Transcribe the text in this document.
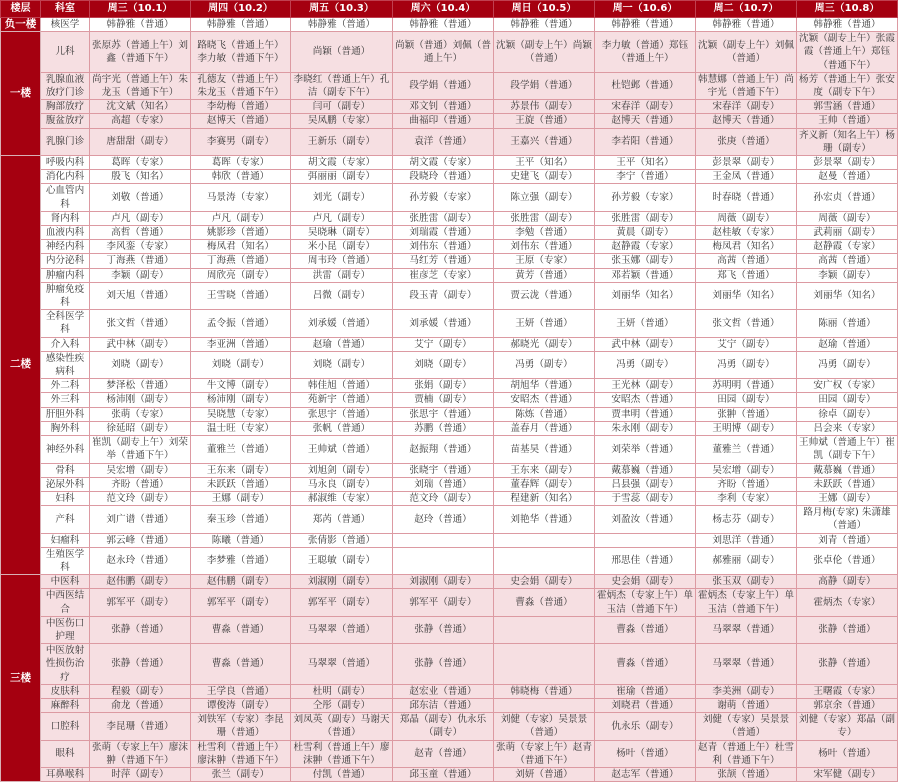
楼层	科室	周三（10.1）	周四（10.2）	周五（10.3）	周六（10.4）	周日（10.5）	周一（10.6）	周二（10.7）	周三（10.8）
负一楼	核医学	韩静雅（普通）	韩静雅（普通）	韩静雅（普通）	韩静雅（普通）	韩静雅（普通）	韩静雅（普通）	韩静雅（普通）	韩静雅（普通）
一楼	儿科	张原苏（普通上午）刘鑫（普通下午）	路晓飞（普通上午）李力敏（普通下午）	尚颖（普通）	尚颖（普通）刘佩（普通上午）	沈颖（副专上午）尚颖（普通）	李力敏（普通）郑钰（普通上午）	沈颖（副专上午）刘佩（普通）	沈颖（副专上午）张霞霞（普通上午）郑钰（普通下午）
	乳腺血液放疗门诊	尚宇光（普通上午）朱龙玉（普通下午）	孔德友（普通上午）朱龙玉（普通下午）	李晓红（普通上午）孔洁（副专下午）	段学娟（普通）	段学娟（普通）	杜铠邺（普通）	韩慧娜（普通上午）尚宇光（普通下午）	杨芳（普通上午）张安度（副专下午）
	胸部放疗	沈文斌（知名）	李幼梅（普通）	闫可（副专）	邓文钊（普通）	苏景伟（副专）	宋春洋（副专）	宋春洋（副专）	郭雪涵（普通）
	腹盆放疗	高超（专家）	赵博天（普通）	吴凤鹏（专家）	曲福印（普通）	王旋（普通）	赵博天（普通）	赵博天（普通）	王帅（普通）
	乳腺门诊	唐甜甜（副专）	李赛男（副专）	王新乐（副专）	袁洋（普通）	王嘉兴（普通）	李若阳（普通）	张庚（普通）	齐义新（知名上午）杨珊（副专）
二楼	呼吸内科	葛晖（专家）	葛晖（专家）	胡文霞（专家）	胡文霞（专家）	王平（知名）	王平（知名）	彭景翠（副专）	彭景翠（副专）
	消化内科	殷飞（知名）	韩欣（普通）	弭丽丽（副专）	段晓玲（普通）	史建飞（副专）	李宁（普通）	王金凤（普通）	赵曼（普通）
	心血管内科	刘敬（普通）	马景涛（专家）	刘光（副专）	孙芳毅（专家）	陈立强（副专）	孙芳毅（专家）	时春晓（普通）	孙宏贞（普通）
	肾内科	卢凡（副专）	卢凡（副专）	卢凡（副专）	张胜雷（副专）	张胜雷（副专）	张胜雷（副专）	周薇（副专）	周薇（副专）
	血液内科	高哲（普通）	姚影珍（普通）	吴晓琳（副专）	刘瑞霞（普通）	李勉（普通）	黄晨（副专）	赵桂敏（专家）	武莉丽（副专）
	神经内科	李风銮（专家）	梅凤君（知名）	米小昆（副专）	刘伟东（普通）	刘伟东（普通）	赵静霞（专家）	梅凤君（知名）	赵静霞（专家）
	内分泌科	丁海燕（普通）	丁海燕（普通）	周韦玲（普通）	马红芳（普通）	王原（专家）	张玉娜（副专）	高茜（普通）	高茜（普通）
	肿瘤内科	李颖（副专）	周欣亮（副专）	洪雷（副专）	崔彦芝（专家）	黄芳（普通）	邓若颖（普通）	郑飞（普通）	李颖（副专）
	肿瘤免疫科	刘天旭（普通）	王雪晓（普通）	吕微（副专）	段玉青（副专）	贾云泷（普通）	刘丽华（知名）	刘丽华（知名）	刘丽华（知名）
	全科医学科	张文哲（普通）	孟令振（普通）	刘承媛（普通）	刘承媛（普通）	王妍（普通）	王妍（普通）	张文哲（普通）	陈丽（普通）
	介入科	武中林（副专）	李亚洲（普通）	赵瑜（普通）	艾宁（副专）	郝晓光（副专）	武中林（副专）	艾宁（副专）	赵瑜（普通）
	感染性疾病科	刘晓（副专）	刘晓（副专）	刘晓（副专）	刘晓（副专）	冯勇（副专）	冯勇（副专）	冯勇（副专）	冯勇（副专）
	外二科	梦泽松（普通）	牛文博（副专）	韩佳旭（普通）	张娟（副专）	胡旭华（普通）	王光林（副专）	苏明明（普通）	安广权（专家）
	外三科	杨沛刚（副专）	杨沛刚（副专）	苑新宇（普通）	贾楠（副专）	安昭杰（普通）	安昭杰（普通）	田园（副专）	田园（副专）
	肝胆外科	张萌（专家）	吴晓慧（专家）	张思宇（普通）	张思宇（普通）	陈炼（普通）	贾聿明（普通）	张翀（普通）	徐卓（副专）
	胸外科	徐延昭（副专）	温士旺（专家）	张帆（普通）	苏鹏（普通）	盖春月（普通）	朱永刚（副专）	王明博（副专）	吕会来（专家）
	神经外科	崔凯（副专上午）刘荣举（普通下午）	董雅兰（普通）	王帅斌（普通）	赵振翔（普通）	苗基昊（普通）	刘荣举（普通）	董雅兰（普通）	王帅斌（普通上午）崔凯（副专下午）
	骨科	吴宏增（副专）	王东来（副专）	刘旭剑（副专）	张晓宇（普通）	王东来（副专）	戴慕巍（普通）	吴宏增（副专）	戴慕巍（普通）
	泌尿外科	齐盼（普通）	未跃跃（普通）	马永良（副专）	刘瑞（普通）	董春辉（副专）	吕县强（副专）	齐盼（普通）	未跃跃（普通）
	妇科	范文玲（副专）	王娜（副专）	郝淑维（专家）	范文玲（副专）	程建新（知名）	于雪蕊（副专）	李利（专家）	王娜（副专）
	产科	刘广谱（普通）	秦玉珍（普通）	郑芮（普通）	赵玲（普通）	刘艳华（普通）	刘盈汝（普通）	杨志芬（副专）	路月梅(专家) 朱潇雄（普通）
	妇瘤科	郭云峰（普通）	陈曦（普通）	张倩影（普通）				刘思洋（普通）	刘青（普通）
	生殖医学科	赵永玲（普通）	李梦雅（普通）	王聪敏（副专）			邢思佳（普通）	郝雅丽（副专）	张卓伦（普通）
三楼	中医科	赵伟鹏（副专）	赵伟鹏（副专）	刘淑刚（副专）	刘淑刚（副专）	史会娟（副专）	史会娟（副专）	张玉双（副专）	高静（副专）
	中西医结合	郭军平（副专）	郭军平（副专）	郭军平（副专）	郭军平（副专）	曹淼（普通）	霍炳杰（专家上午）单玉洁（普通下午）	霍炳杰（专家上午）单玉洁（普通下午）	霍炳杰（专家）
	中医伤口护理	张静（普通）	曹淼（普通）	马翠翠（普通）	张静（普通）		曹淼（普通）	马翠翠（普通）	张静（普通）
	中医放射性损伤治疗	张静（普通）	曹淼（普通）	马翠翠（普通）	张静（普通）		曹淼（普通）	马翠翠（普通）	张静（普通）
	皮肤科	程毅（副专）	王学良（普通）	杜明（副专）	赵宏业（普通）	韩晓梅（普通）	崔瑜（普通）	李美洲（副专）	王曙霞（专家）
	麻醉科	俞龙（普通）	谭俊涛（副专）	仝彤（副专）	邱东洁（普通）		刘晓君（普通）	谢萌（普通）	郭京余（普通）
	口腔科	李昆珊（普通）	刘铁军（专家）李昆珊（普通）	刘凤英（副专）马谢天（普通）	郑晶（副专）仇永乐（副专）	刘健（专家）吴景景（普通）	仇永乐（副专）	刘健（专家）吴景景（普通）	刘健（专家）郑晶（副专）
	眼科	张萌（专家上午）廖沫翀（普通下午）	杜雪利（普通上午）廖沫翀（普通下午）	杜雪利（普通上午）廖沫翀（普通下午）	赵青（普通）	张萌（专家上午）赵青（普通下午）	杨叶（普通）	赵青（普通上午）杜雪利（普通下午）	杨叶（普通）
	耳鼻喉科	时萍（副专）	张兰（副专）	付凯（普通）	邱玉童（普通）	刘妍（普通）	赵志军（普通）	张颉（普通）	宋军健（副专）
